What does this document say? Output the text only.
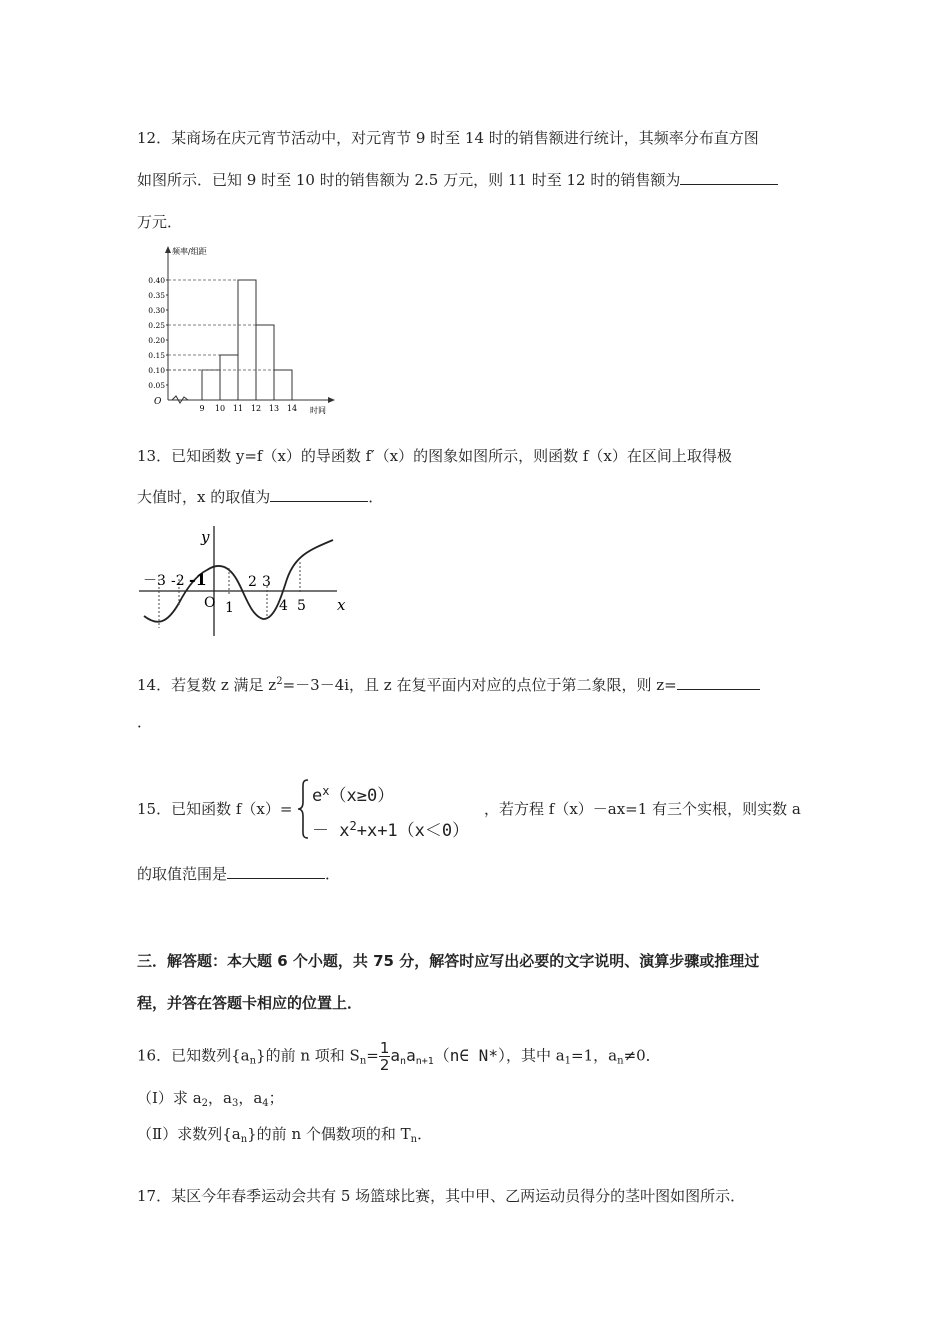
12．某商场在庆元宵节活动中，对元宵节 9 时至 14 时的销售额进行统计，其频率分布直方图
如图所示．已知 9 时至 10 时的销售额为 2.5 万元，则 11 时至 12 时的销售额为
万元．
频率/组距
时间
O
0.05
0.10
0.15
0.20
0.25
0.30
0.35
0.40
9 10 11 12 13 14
13．已知函数 y=f（x）的导函数 f′（x）的图象如图所示，则函数 f（x）在区间上取得极
大值时，x 的取值为	．
y
x
O
－3 -2 -1
1
2 3
4 5
14．若复数 z 满足 $z^2=-3-4i$，且 z 在复平面内对应的点位于第二象限，则 z=
．
15．已知函数 f（x）=
$e^x(x\ge 0)$
－ $x^2+x+1(x<0)$
，若方程 f（x）－ax=1 有三个实根，则实数 a
的取值范围是	．
三．解答题：本大题 6 个小题，共 75 分，解答时应写出必要的文字说明、演算步骤或推理过
程，并答在答题卡相应的位置上．
16．已知数列$\{a_n\}$的前 n 项和 $S_n= \frac{1}{2}$ $a_na_{n+1}(n\in$ N*），其中 $a_1=1$，$a_n\ne 0$．
（Ⅰ）求 $a_2$，$a_3$，$a_4$；
（Ⅱ）求数列$\{a_n\}$的前 n 个偶数项的和 $T_n$．
17．某区今年春季运动会共有 5 场篮球比赛，其中甲、乙两运动员得分的茎叶图如图所示．
